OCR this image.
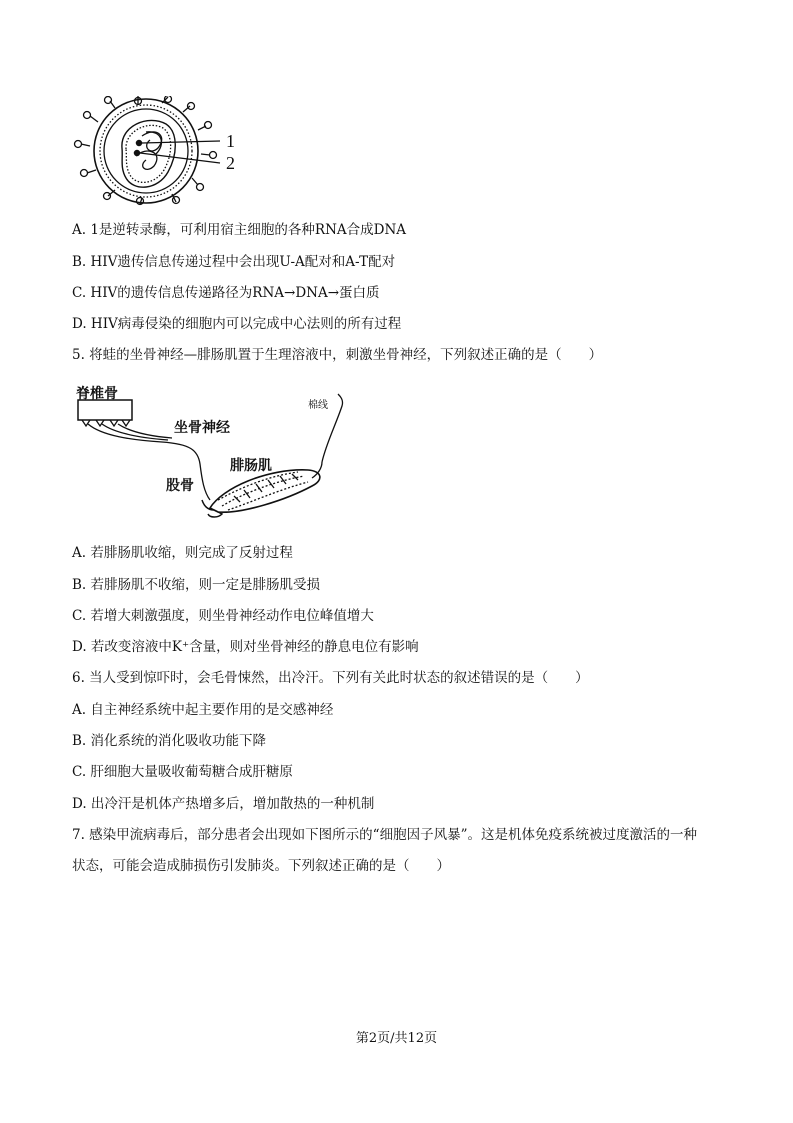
1
2
A. 1是逆转录酶，可利用宿主细胞的各种RNA合成DNA
B. HIV遗传信息传递过程中会出现U-A配对和A-T配对
C. HIV的遗传信息传递路径为RNA→DNA→蛋白质
D. HIV病毒侵染的细胞内可以完成中心法则的所有过程
5. 将蛙的坐骨神经—腓肠肌置于生理溶液中，刺激坐骨神经，下列叙述正确的是（　　）
脊椎骨
坐骨神经
棉线
腓肠肌
股骨
A. 若腓肠肌收缩，则完成了反射过程
B. 若腓肠肌不收缩，则一定是腓肠肌受损
C. 若增大刺激强度，则坐骨神经动作电位峰值增大
D. 若改变溶液中K⁺含量，则对坐骨神经的静息电位有影响
6. 当人受到惊吓时，会毛骨悚然，出冷汗。下列有关此时状态的叙述错误的是（　　）
A. 自主神经系统中起主要作用的是交感神经
B. 消化系统的消化吸收功能下降
C. 肝细胞大量吸收葡萄糖合成肝糖原
D. 出冷汗是机体产热增多后，增加散热的一种机制
7. 感染甲流病毒后，部分患者会出现如下图所示的“细胞因子风暴”。这是机体免疫系统被过度激活的一种
状态，可能会造成肺损伤引发肺炎。下列叙述正确的是（　　）
第2页/共12页
